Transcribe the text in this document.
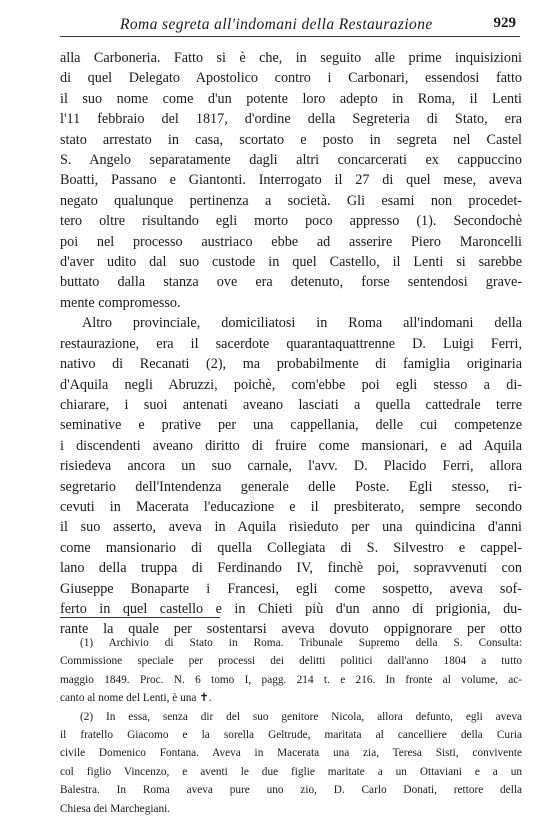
Roma segreta all'indomani della Restaurazione	929
alla Carboneria. Fatto si è che, in seguito alle prime inquisizioni
di quel Delegato Apostolico contro i Carbonari, essendosi fatto
il suo nome come d'un potente loro adepto in Roma, il Lenti
l'11 febbraio del 1817, d'ordine della Segreteria di Stato, era
stato arrestato in casa, scortato e posto in segreta nel Castel
S. Angelo separatamente dagli altri concarcerati ex cappuccino
Boatti, Passano e Giantonti. Interrogato il 27 di quel mese, aveva
negato qualunque pertinenza a società. Gli esami non procedet-
tero oltre risultando egli morto poco appresso (1). Secondochè
poi nel processo austriaco ebbe ad asserire Piero Maroncelli
d'aver udito dal suo custode in quel Castello, il Lenti si sarebbe
buttato dalla stanza ove era detenuto, forse sentendosi grave-
mente compromesso.
Altro provinciale, domiciliatosi in Roma all'indomani della
restaurazione, era il sacerdote quarantaquattrenne D. Luigi Ferri,
nativo di Recanati (2), ma probabilmente di famiglia originaria
d'Aquila negli Abruzzi, poichè, com'ebbe poi egli stesso a di-
chiarare, i suoi antenati aveano lasciati a quella cattedrale terre
seminative e prative per una cappellania, delle cui competenze
i discendenti aveano diritto di fruire come mansionari, e ad Aquila
risiedeva ancora un suo carnale, l'avv. D. Placido Ferri, allora
segretario dell'Intendenza generale delle Poste. Egli stesso, ri-
cevuti in Macerata l'educazione e il presbiterato, sempre secondo
il suo asserto, aveva in Aquila risieduto per una quindicina d'anni
come mansionario di quella Collegiata di S. Silvestro e cappel-
lano della truppa di Ferdinando IV, finchè poi, sopravvenuti con
Giuseppe Bonaparte i Francesi, egli come sospetto, aveva sof-
ferto in quel castello e in Chieti più d'un anno di prigionia, du-
rante la quale per sostentarsi aveva dovuto oppignorare per otto
(1) Archivio di Stato in Roma. Tribunale Supremo della S. Consulta:
Commissione speciale per processi dei delitti politici dall'anno 1804 a tutto
maggio 1849. Proc. N. 6 tomo I, pagg. 214 t. e 216. In fronte al volume, ac-
canto al nome del Lenti, è una ✝.
(2) In essa, senza dir del suo genitore Nicola, allora defunto, egli aveva
il fratello Giacomo e la sorella Geltrude, maritata al cancelliere della Curia
civile Domenico Fontana. Aveva in Macerata una zia, Teresa Sisti, convivente
col figlio Vincenzo, e aventi le due figlie maritate a un Ottaviani e a un
Balestra. In Roma aveva pure uno zio, D. Carlo Donati, rettore della
Chiesa dei Marchegiani.
